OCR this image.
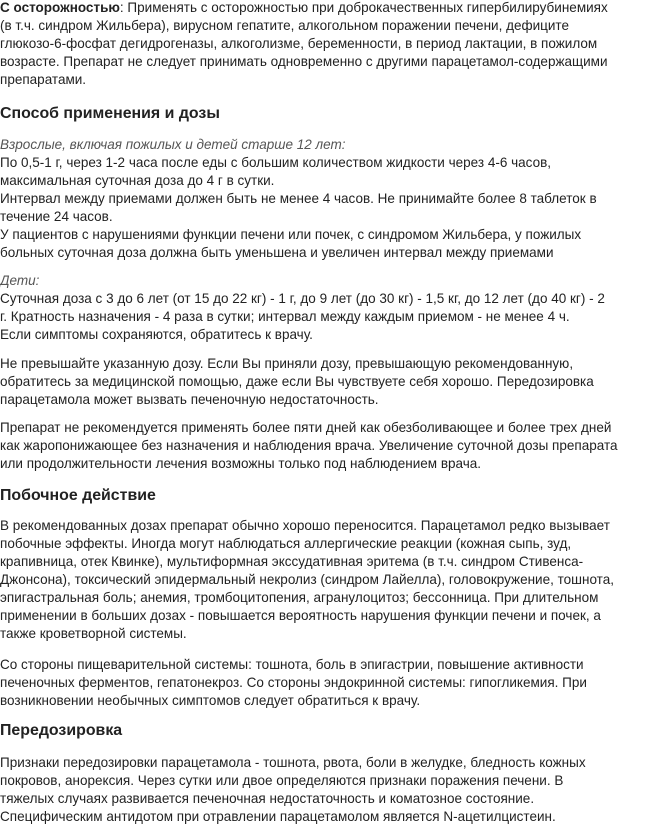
С осторожностью: Применять с осторожностью при доброкачественных гипербилирубинемиях
(в т.ч. синдром Жильбера), вирусном гепатите, алкогольном поражении печени, дефиците
глюкозо-6-фосфат дегидрогеназы, алкоголизме, беременности, в период лактации, в пожилом
возрасте. Препарат не следует принимать одновременно с другими парацетамол-содержащими
препаратами.
Способ применения и дозы
Взрослые, включая пожилых и детей старше 12 лет:
По 0,5-1 г, через 1-2 часа после еды с большим количеством жидкости через 4-6 часов,
максимальная суточная доза до 4 г в сутки.
Интервал между приемами должен быть не менее 4 часов. Не принимайте более 8 таблеток в
течение 24 часов.
У пациентов с нарушениями функции печени или почек, с синдромом Жильбера, у пожилых
больных суточная доза должна быть уменьшена и увеличен интервал между приемами
Дети:
Суточная доза с 3 до 6 лет (от 15 до 22 кг) - 1 г, до 9 лет (до 30 кг) - 1,5 кг, до 12 лет (до 40 кг) - 2
г. Кратность назначения - 4 раза в сутки; интервал между каждым приемом - не менее 4 ч.
Если симптомы сохраняются, обратитесь к врачу.
Не превышайте указанную дозу. Если Вы приняли дозу, превышающую рекомендованную,
обратитесь за медицинской помощью, даже если Вы чувствуете себя хорошо. Передозировка
парацетамола может вызвать печеночную недостаточность.
Препарат не рекомендуется применять более пяти дней как обезболивающее и более трех дней
как жаропонижающее без назначения и наблюдения врача. Увеличение суточной дозы препарата
или продолжительности лечения возможны только под наблюдением врача.
Побочное действие
В рекомендованных дозах препарат обычно хорошо переносится. Парацетамол редко вызывает
побочные эффекты. Иногда могут наблюдаться аллергические реакции (кожная сыпь, зуд,
крапивница, отек Квинке), мультиформная экссудативная эритема (в т.ч. синдром Стивенса-
Джонсона), токсический эпидермальный некролиз (синдром Лайелла), головокружение, тошнота,
эпигастральная боль; анемия, тромбоцитопения, агранулоцитоз; бессонница. При длительном
применении в больших дозах - повышается вероятность нарушения функции печени и почек, а
также кроветворной системы.
Со стороны пищеварительной системы: тошнота, боль в эпигастрии, повышение активности
печеночных ферментов, гепатонекроз. Со стороны эндокринной системы: гипогликемия. При
возникновении необычных симптомов следует обратиться к врачу.
Передозировка
Признаки передозировки парацетамола - тошнота, рвота, боли в желудке, бледность кожных
покровов, анорексия. Через сутки или двое определяются признаки поражения печени. В
тяжелых случаях развивается печеночная недостаточность и коматозное состояние.
Специфическим антидотом при отравлении парацетамолом является N-ацетилцистеин.
